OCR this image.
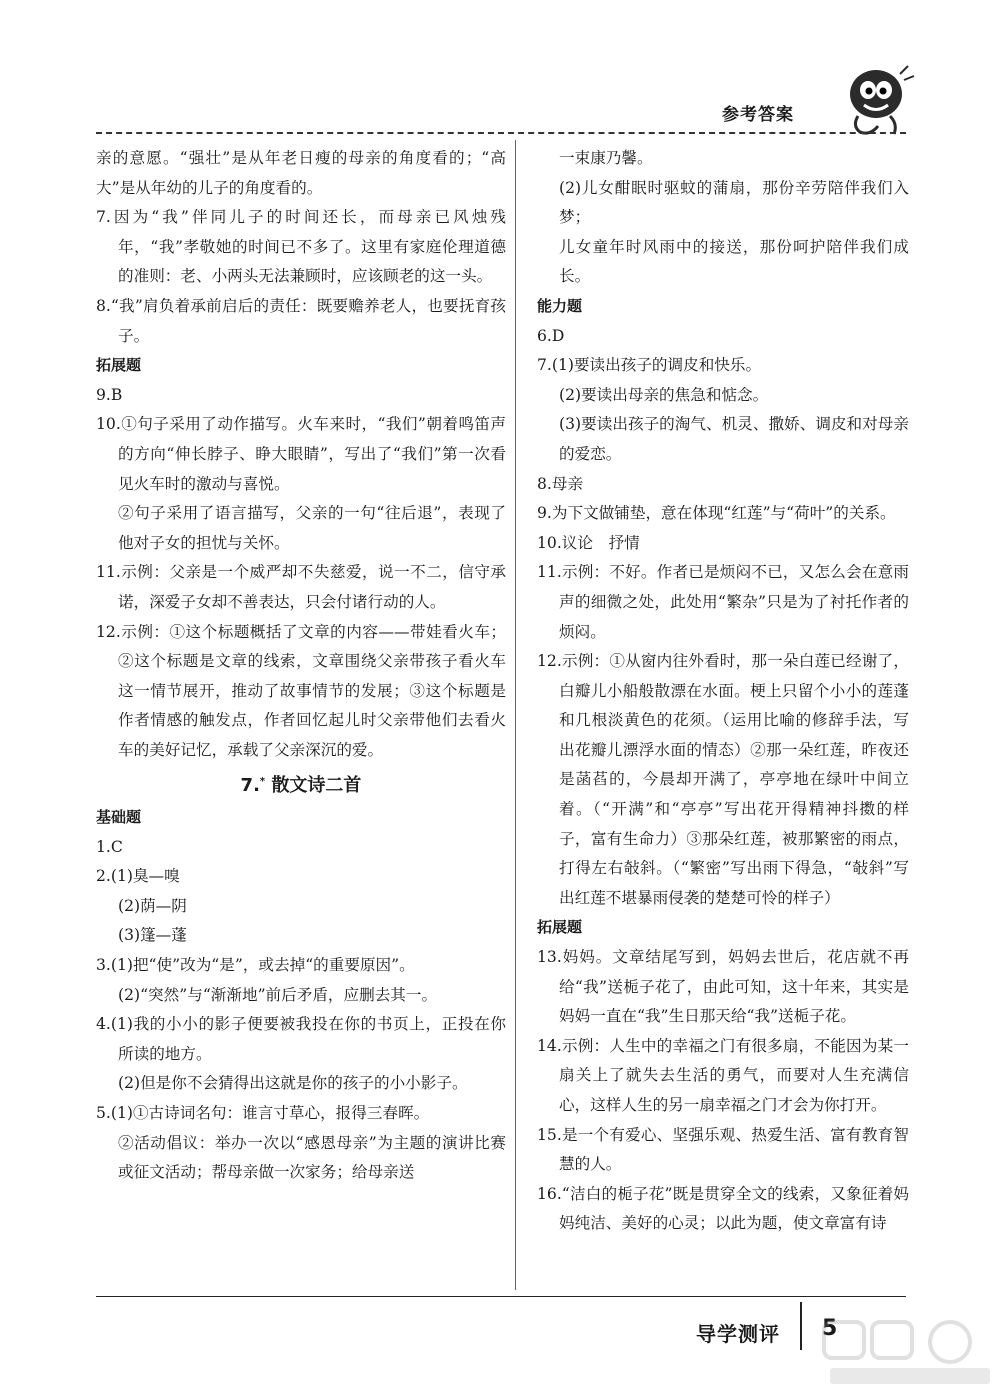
参考答案
亲的意愿。“强壮”是从年老日瘦的母亲的角度看的；“高大”是从年幼的儿子的角度看的。
7.因为“我”伴同儿子的时间还长，而母亲已风烛残年，“我”孝敬她的时间已不多了。这里有家庭伦理道德的准则：老、小两头无法兼顾时，应该顾老的这一头。
8.“我”肩负着承前启后的责任：既要赡养老人，也要抚育孩子。
拓展题
9.B
10.①句子采用了动作描写。火车来时，“我们”朝着鸣笛声的方向“伸长脖子、睁大眼睛”，写出了“我们”第一次看见火车时的激动与喜悦。
②句子采用了语言描写，父亲的一句“往后退”，表现了他对子女的担忧与关怀。
11.示例：父亲是一个威严却不失慈爱，说一不二，信守承诺，深爱子女却不善表达，只会付诸行动的人。
12.示例：①这个标题概括了文章的内容——带娃看火车；②这个标题是文章的线索，文章围绕父亲带孩子看火车这一情节展开，推动了故事情节的发展；③这个标题是作者情感的触发点，作者回忆起儿时父亲带他们去看火车的美好记忆，承载了父亲深沉的爱。
7.* 散文诗二首
基础题
1.C
2.(1)臭—嗅
(2)荫—阴
(3)篷—蓬
3.(1)把“使”改为“是”，或去掉“的重要原因”。
(2)“突然”与“渐渐地”前后矛盾，应删去其一。
4.(1)我的小小的影子便要被我投在你的书页上，正投在你所读的地方。
(2)但是你不会猜得出这就是你的孩子的小小影子。
5.(1)①古诗词名句：谁言寸草心，报得三春晖。
②活动倡议：举办一次以“感恩母亲”为主题的演讲比赛或征文活动；帮母亲做一次家务；给母亲送
一束康乃馨。
(2)儿女酣眠时驱蚊的蒲扇，那份辛劳陪伴我们入梦；
儿女童年时风雨中的接送，那份呵护陪伴我们成长。
能力题
6.D
7.(1)要读出孩子的调皮和快乐。
(2)要读出母亲的焦急和惦念。
(3)要读出孩子的淘气、机灵、撒娇、调皮和对母亲的爱恋。
8.母亲
9.为下文做铺垫，意在体现“红莲”与“荷叶”的关系。
10.议论　抒情
11.示例：不好。作者已是烦闷不已，又怎么会在意雨声的细微之处，此处用“繁杂”只是为了衬托作者的烦闷。
12.示例：①从窗内往外看时，那一朵白莲已经谢了，白瓣儿小船般散漂在水面。梗上只留个小小的莲蓬和几根淡黄色的花须。（运用比喻的修辞手法，写出花瓣儿漂浮水面的情态）②那一朵红莲，昨夜还是菡萏的，今晨却开满了，亭亭地在绿叶中间立着。（“开满”和“亭亭”写出花开得精神抖擞的样子，富有生命力）③那朵红莲，被那繁密的雨点，打得左右敧斜。（“繁密”写出雨下得急，“敧斜”写出红莲不堪暴雨侵袭的楚楚可怜的样子）
拓展题
13.妈妈。文章结尾写到，妈妈去世后，花店就不再给“我”送栀子花了，由此可知，这十年来，其实是妈妈一直在“我”生日那天给“我”送栀子花。
14.示例：人生中的幸福之门有很多扇，不能因为某一扇关上了就失去生活的勇气，而要对人生充满信心，这样人生的另一扇幸福之门才会为你打开。
15.是一个有爱心、坚强乐观、热爱生活、富有教育智慧的人。
16.“洁白的栀子花”既是贯穿全文的线索，又象征着妈妈纯洁、美好的心灵；以此为题，使文章富有诗
导学测评 5
